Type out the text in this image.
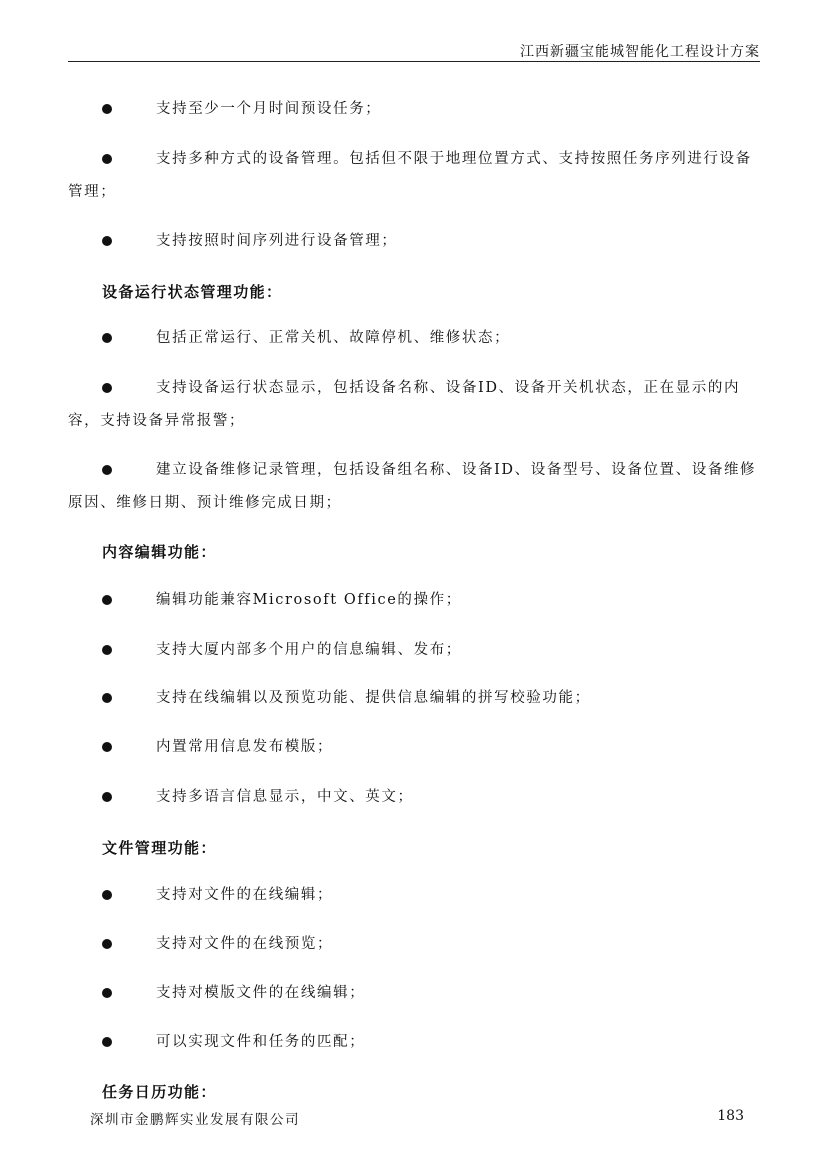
江西新疆宝能城智能化工程设计方案
支持至少一个月时间预设任务；
支持多种方式的设备管理。包括但不限于地理位置方式、支持按照任务序列进行设备管理；
支持按照时间序列进行设备管理；
设备运行状态管理功能：
包括正常运行、正常关机、故障停机、维修状态；
支持设备运行状态显示，包括设备名称、设备ID、设备开关机状态，正在显示的内容，支持设备异常报警；
建立设备维修记录管理，包括设备组名称、设备ID、设备型号、设备位置、设备维修原因、维修日期、预计维修完成日期；
内容编辑功能：
编辑功能兼容Microsoft Office的操作；
支持大厦内部多个用户的信息编辑、发布；
支持在线编辑以及预览功能、提供信息编辑的拼写校验功能；
内置常用信息发布模版；
支持多语言信息显示，中文、英文；
文件管理功能：
支持对文件的在线编辑；
支持对文件的在线预览；
支持对模版文件的在线编辑；
可以实现文件和任务的匹配；
任务日历功能：
深圳市金鹏辉实业发展有限公司	183
